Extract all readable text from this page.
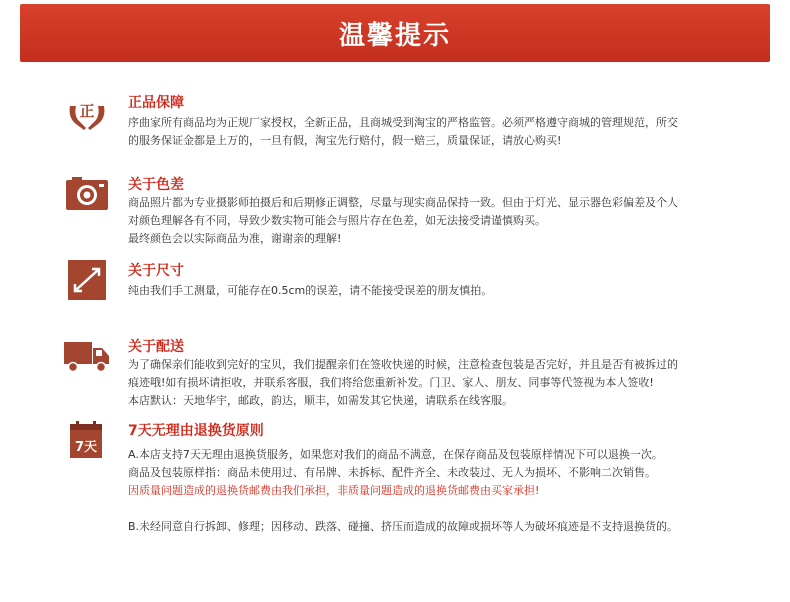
温馨提示
正 正品保障
序曲家所有商品均为正规厂家授权，全新正品，且商城受到淘宝的严格监管。必须严格遵守商城的管理规范，所交
的服务保证金都是上万的，一旦有假，淘宝先行赔付，假一赔三，质量保证，请放心购买!
关于色差
商品照片都为专业摄影师拍摄后和后期修正调整，尽量与现实商品保持一致。但由于灯光、显示器色彩偏差及个人
对颜色理解各有不同，导致少数实物可能会与照片存在色差，如无法接受请谨慎购买。
最终颜色会以实际商品为准，谢谢亲的理解!
关于尺寸
纯由我们手工测量，可能存在0.5cm的误差，请不能接受误差的朋友慎拍。
关于配送
为了确保亲们能收到完好的宝贝，我们提醒亲们在签收快递的时候，注意检查包装是否完好，并且是否有被拆过的
痕迹哦!如有损坏请拒收，并联系客服，我们将给您重新补发。门卫、家人、朋友、同事等代签视为本人签收!
本店默认：天地华宇，邮政，韵达，顺丰，如需发其它快递，请联系在线客服。
7天
7天无理由退换货原则
A.本店支持7天无理由退换货服务，如果您对我们的商品不满意，在保存商品及包装原样情况下可以退换一次。
商品及包装原样指：商品未使用过、有吊牌、未拆标、配件齐全、未改装过、无人为损坏、不影响二次销售。
因质量问题造成的退换货邮费由我们承担，非质量问题造成的退换货邮费由买家承担!
B.未经同意自行拆卸、修理；因移动、跌落、碰撞、挤压而造成的故障或损坏等人为破坏痕迹是不支持退换货的。
